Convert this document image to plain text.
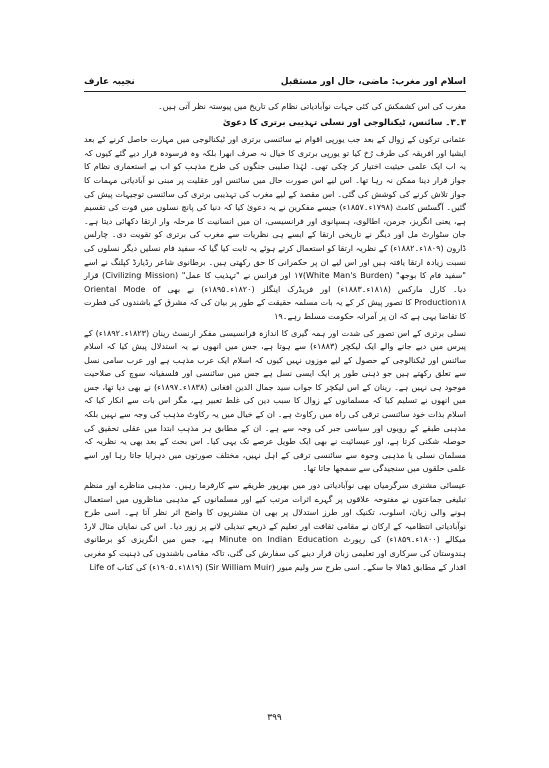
نجیبہ عارف	اسلام اور مغرب: ماضی، حال اور مستقبل

مغرب کی اس کشمکش کی کئی جہات نوآبادیاتی نظام کی تاریخ میں پیوستہ نظر آتی ہیں۔

۳۔۳۔ سائنس، ٹیکنالوجی اور نسلی تہذیبی برتری کا دعویٰ

عثمانی ترکوں کے زوال کے بعد جب یورپی اقوام نے سائنسی برتری اور ٹیکنالوجی میں مہارت حاصل کرنے کے بعد ایشیا اور افریقہ کی طرف رُخ کیا تو یورپی برتری کا خیال نہ صرف ابھرا بلکہ وہ فرسودہ قرار دیے گئے کیوں کہ یہ اب ایک علمی حیثیت اختیار کر چکی تھی۔ لہٰذا صلیبی جنگوں کی طرح مذہب کو اب بے استعماری نظام کا جواز قرار دینا ممکن نہ رہا تھا۔ اس لیے اس صورت حال میں سائنس اور عقلیت پر مبنی نو آبادیاتی مہمات کا جواز تلاش کرنے کی کوشش کی گئی۔ اس مقصد کے لیے مغرب کی تہذیبی برتری کی سائنسی توجیہات پیش کی گئیں۔ آگسٹس کامٹ (۱۷۹۸ء۔۱۸۵۷ء) جیسے مفکرین نے یہ دعویٰ کیا کہ دنیا کی پانچ نسلوں میں قوت کی تقسیم ہے، یعنی انگریز، جرمن، اطالوی، ہسپانوی اور فرانسیسی، ان میں انسانیت کا مرحلہ وار ارتقا دکھائی دیتا ہے۔ جان سٹوارٹ مل اور دیگر نے تاریخی ارتقا کے ایسے ہی نظریات سے مغرب کی برتری کو تقویت دی۔ چارلس ڈارون (۱۸۰۹ء۔۱۸۸۲ء) کے نظریہ ارتقا کو استعمال کرتے ہوئے یہ ثابت کیا گیا کہ سفید فام نسلیں دیگر نسلوں کی نسبت زیادہ ارتقا یافتہ ہیں اور اس لیے ان پر حکمرانی کا حق رکھتی ہیں۔ برطانوی شاعر رڈیارڈ کپلنگ نے اسے "سفید فام کا بوجھ" (White Man's Burden)۱۷ اور فرانس نے "تہذیب کا عمل" (Civilizing Mission) قرار دیا۔ کارل مارکس (۱۸۱۸ء۔۱۸۸۳ء) اور فریڈرک اینگلز (۱۸۲۰ء۔۱۸۹۵ء) نے بھی Oriental Mode of Production۱۸ کا تصور پیش کر کے یہ بات مسلمہ حقیقت کے طور پر بیان کی کہ مشرق کے باشندوں کی فطرت کا تقاضا یہی ہے کہ ان پر آمرانہ حکومت مسلط رہے۔۱۹

نسلی برتری کے اس تصور کی شدت اور ہمہ گیری کا اندازہ فرانسیسی مفکر ارنسٹ رینان (۱۸۲۳ء۔۱۸۹۲ء) کے پیرس میں دیے جانے والے ایک لیکچر (۱۸۸۳ء) سے ہوتا ہے، جس میں انھوں نے یہ استدلال پیش کیا کہ اسلام سائنس اور ٹیکنالوجی کے حصول کے لیے موزوں نہیں کیوں کہ اسلام ایک عرب مذہب ہے اور عرب سامی نسل سے تعلق رکھتے ہیں جو ذہنی طور پر ایک ایسی نسل ہے جس میں سائنسی اور فلسفیانہ سوچ کی صلاحیت موجود ہی نہیں ہے۔ رینان کے اس لیکچر کا جواب سید جمال الدین افغانی (۱۸۳۸ء۔۱۸۹۷ء) نے بھی دیا تھا، جس میں انھوں نے تسلیم کیا کہ مسلمانوں کے زوال کا سبب دین کی غلط تعبیر ہے، مگر اس بات سے انکار کیا کہ اسلام بذات خود سائنسی ترقی کی راہ میں رکاوٹ ہے۔ ان کے خیال میں یہ رکاوٹ مذہب کی وجہ سے نہیں بلکہ مذہبی طبقے کے رویوں اور سیاسی جبر کی وجہ سے ہے۔ ان کے مطابق ہر مذہب ابتدا میں عقلی تحقیق کی حوصلہ شکنی کرتا ہے، اور عیسائیت نے بھی ایک طویل عرصے تک یہی کیا۔ اس بحث کے بعد بھی یہ نظریہ کہ مسلمان نسلی یا مذہبی وجوہ سے سائنسی ترقی کے اہل نہیں، مختلف صورتوں میں دہرایا جاتا رہا اور اسے علمی حلقوں میں سنجیدگی سے سمجھا جاتا تھا۔

عیسائی مشنری سرگرمیاں بھی نوآبادیاتی دور میں بھرپور طریقے سے کارفرما رہیں۔ مذہبی مناظرے اور منظم تبلیغی جماعتوں نے مفتوحہ علاقوں پر گہرے اثرات مرتب کیے اور مسلمانوں کے مذہبی مناظروں میں استعمال ہونے والی زبان، اسلوب، تکنیک اور طرز استدلال پر بھی ان مشنریوں کا واضح اثر نظر آتا ہے۔ اسی طرح نوآبادیاتی انتظامیہ کے ارکان نے مقامی ثقافت اور تعلیم کے ذریعے تبدیلی لانے پر زور دیا۔ اس کی نمایاں مثال لارڈ میکالے (۱۸۰۰ء۔۱۸۵۹ء) کی رپورٹ Minute on Indian Education ہے، جس میں انگریزی کو برطانوی ہندوستان کی سرکاری اور تعلیمی زبان قرار دینے کی سفارش کی گئی، تاکہ مقامی باشندوں کی ذہنیت کو مغربی اقدار کے مطابق ڈھالا جا سکے۔ اسی طرح سر ولیم میور (Sir William Muir) (۱۸۱۹ء۔۱۹۰۵ء) کی کتاب Life of

۳۹۹
